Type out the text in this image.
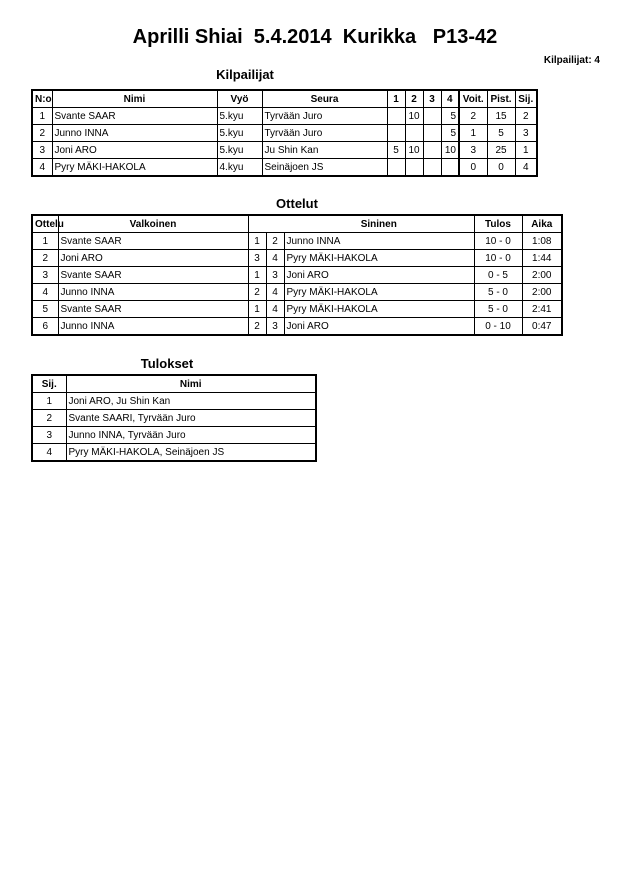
Aprilli Shiai  5.4.2014  Kurikka   P13-42
Kilpailijat: 4
Kilpailijat
N:o	Nimi	Vyö	Seura	1	2	3	4	Voit.	Pist.	Sij.
1	Svante SAAR	5.kyu	Tyrvään Juro		10		5	2	15	2
2	Junno INNA	5.kyu	Tyrvään Juro				5	1	5	3
3	Joni ARO	5.kyu	Ju Shin Kan	5	10		10	3	25	1
4	Pyry MÄKI-HAKOLA	4.kyu	Seinäjoen JS					0	0	4
Ottelut
Ottelu	Valkoinen			Sininen	Tulos	Aika
1	Svante SAAR	1	2	Junno INNA	10 - 0	1:08
2	Joni ARO	3	4	Pyry MÄKI-HAKOLA	10 - 0	1:44
3	Svante SAAR	1	3	Joni ARO	0 - 5	2:00
4	Junno INNA	2	4	Pyry MÄKI-HAKOLA	5 - 0	2:00
5	Svante SAAR	1	4	Pyry MÄKI-HAKOLA	5 - 0	2:41
6	Junno INNA	2	3	Joni ARO	0 - 10	0:47
Tulokset
Sij.	Nimi
1	Joni ARO, Ju Shin Kan
2	Svante SAARI, Tyrvään Juro
3	Junno INNA, Tyrvään Juro
4	Pyry MÄKI-HAKOLA, Seinäjoen JS
